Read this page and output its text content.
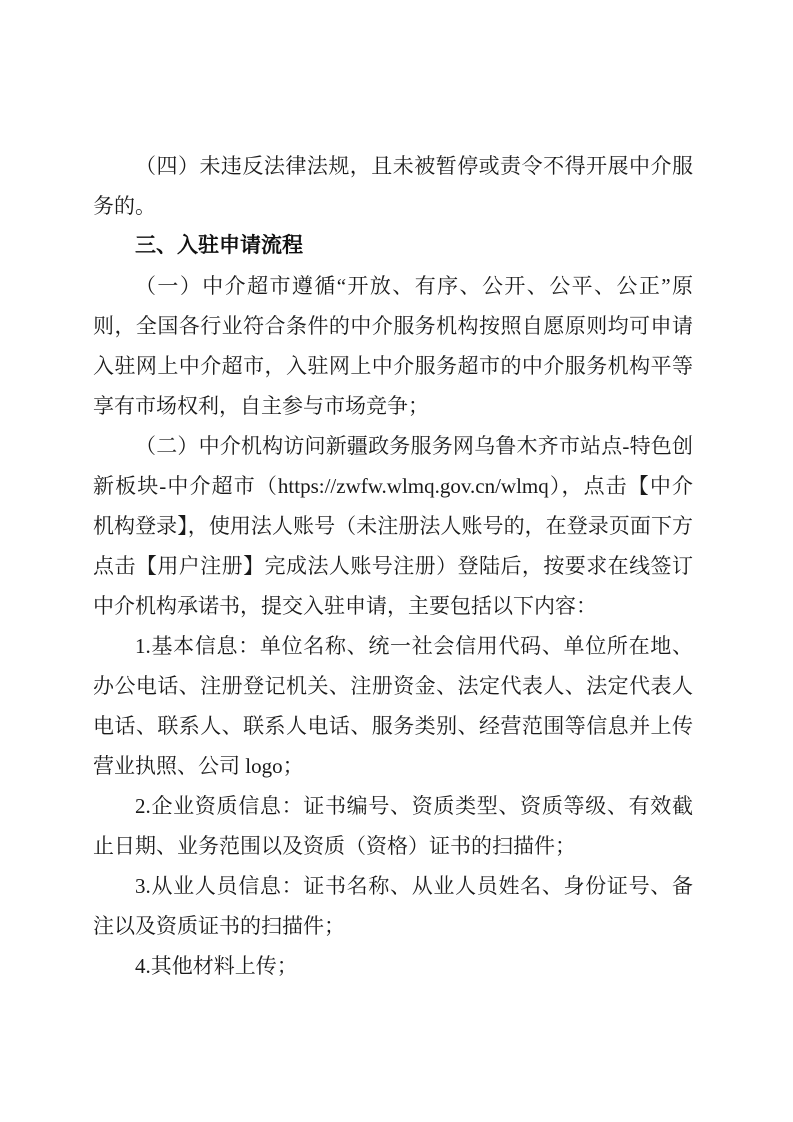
（四）未违反法律法规，且未被暂停或责令不得开展中介服务的。

三、入驻申请流程

（一）中介超市遵循“开放、有序、公开、公平、公正”原则，全国各行业符合条件的中介服务机构按照自愿原则均可申请入驻网上中介超市，入驻网上中介服务超市的中介服务机构平等享有市场权利，自主参与市场竞争；

（二）中介机构访问新疆政务服务网乌鲁木齐市站点-特色创新板块-中介超市（https://zwfw.wlmq.gov.cn/wlmq），点击【中介机构登录】，使用法人账号（未注册法人账号的，在登录页面下方点击【用户注册】完成法人账号注册）登陆后，按要求在线签订中介机构承诺书，提交入驻申请，主要包括以下内容：

1.基本信息：单位名称、统一社会信用代码、单位所在地、办公电话、注册登记机关、注册资金、法定代表人、法定代表人电话、联系人、联系人电话、服务类别、经营范围等信息并上传营业执照、公司 logo；

2.企业资质信息：证书编号、资质类型、资质等级、有效截止日期、业务范围以及资质（资格）证书的扫描件；

3.从业人员信息：证书名称、从业人员姓名、身份证号、备注以及资质证书的扫描件；

4.其他材料上传；
